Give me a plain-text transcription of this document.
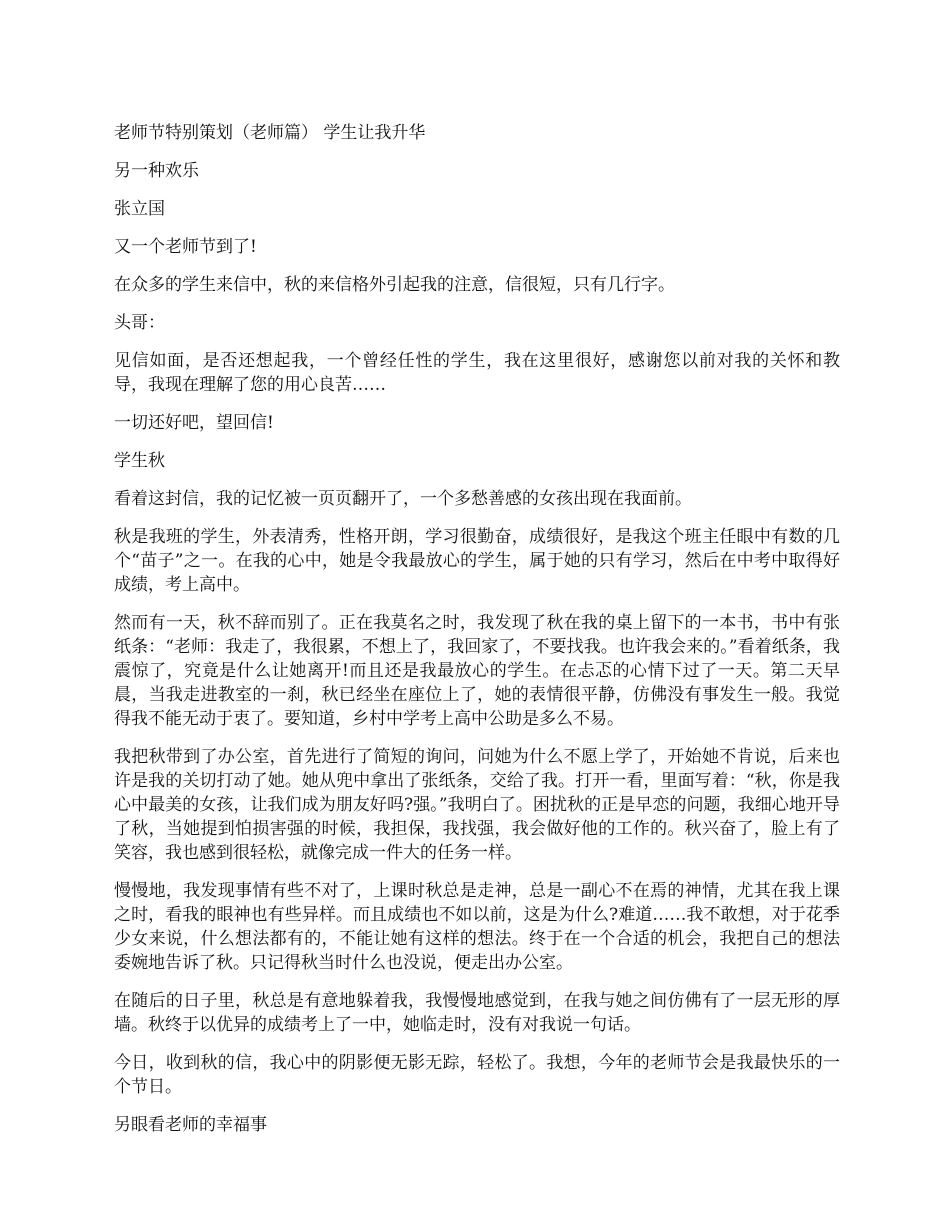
老师节特别策划（老师篇） 学生让我升华

另一种欢乐

张立国

又一个老师节到了!

在众多的学生来信中，秋的来信格外引起我的注意，信很短，只有几行字。

头哥：

见信如面，是否还想起我，一个曾经任性的学生，我在这里很好，感谢您以前对我的关怀和教导，我现在理解了您的用心良苦……

一切还好吧，望回信!

学生秋

看着这封信，我的记忆被一页页翻开了，一个多愁善感的女孩出现在我面前。

秋是我班的学生，外表清秀，性格开朗，学习很勤奋，成绩很好，是我这个班主任眼中有数的几个“苗子”之一。在我的心中，她是令我最放心的学生，属于她的只有学习，然后在中考中取得好成绩，考上高中。

然而有一天，秋不辞而别了。正在我莫名之时，我发现了秋在我的桌上留下的一本书，书中有张纸条：“老师：我走了，我很累，不想上了，我回家了，不要找我。也许我会来的。”看着纸条，我震惊了，究竟是什么让她离开!而且还是我最放心的学生。在忐忑的心情下过了一天。第二天早晨，当我走进教室的一刹，秋已经坐在座位上了，她的表情很平静，仿佛没有事发生一般。我觉得我不能无动于衷了。要知道，乡村中学考上高中公助是多么不易。

我把秋带到了办公室，首先进行了简短的询问，问她为什么不愿上学了，开始她不肯说，后来也许是我的关切打动了她。她从兜中拿出了张纸条，交给了我。打开一看，里面写着：“秋，你是我心中最美的女孩，让我们成为朋友好吗?强。”我明白了。困扰秋的正是早恋的问题，我细心地开导了秋，当她提到怕损害强的时候，我担保，我找强，我会做好他的工作的。秋兴奋了，脸上有了笑容，我也感到很轻松，就像完成一件大的任务一样。

慢慢地，我发现事情有些不对了，上课时秋总是走神，总是一副心不在焉的神情，尤其在我上课之时，看我的眼神也有些异样。而且成绩也不如以前，这是为什么?难道……我不敢想，对于花季少女来说，什么想法都有的，不能让她有这样的想法。终于在一个合适的机会，我把自己的想法委婉地告诉了秋。只记得秋当时什么也没说，便走出办公室。

在随后的日子里，秋总是有意地躲着我，我慢慢地感觉到，在我与她之间仿佛有了一层无形的厚墙。秋终于以优异的成绩考上了一中，她临走时，没有对我说一句话。

今日，收到秋的信，我心中的阴影便无影无踪，轻松了。我想，今年的老师节会是我最快乐的一个节日。

另眼看老师的幸福事
